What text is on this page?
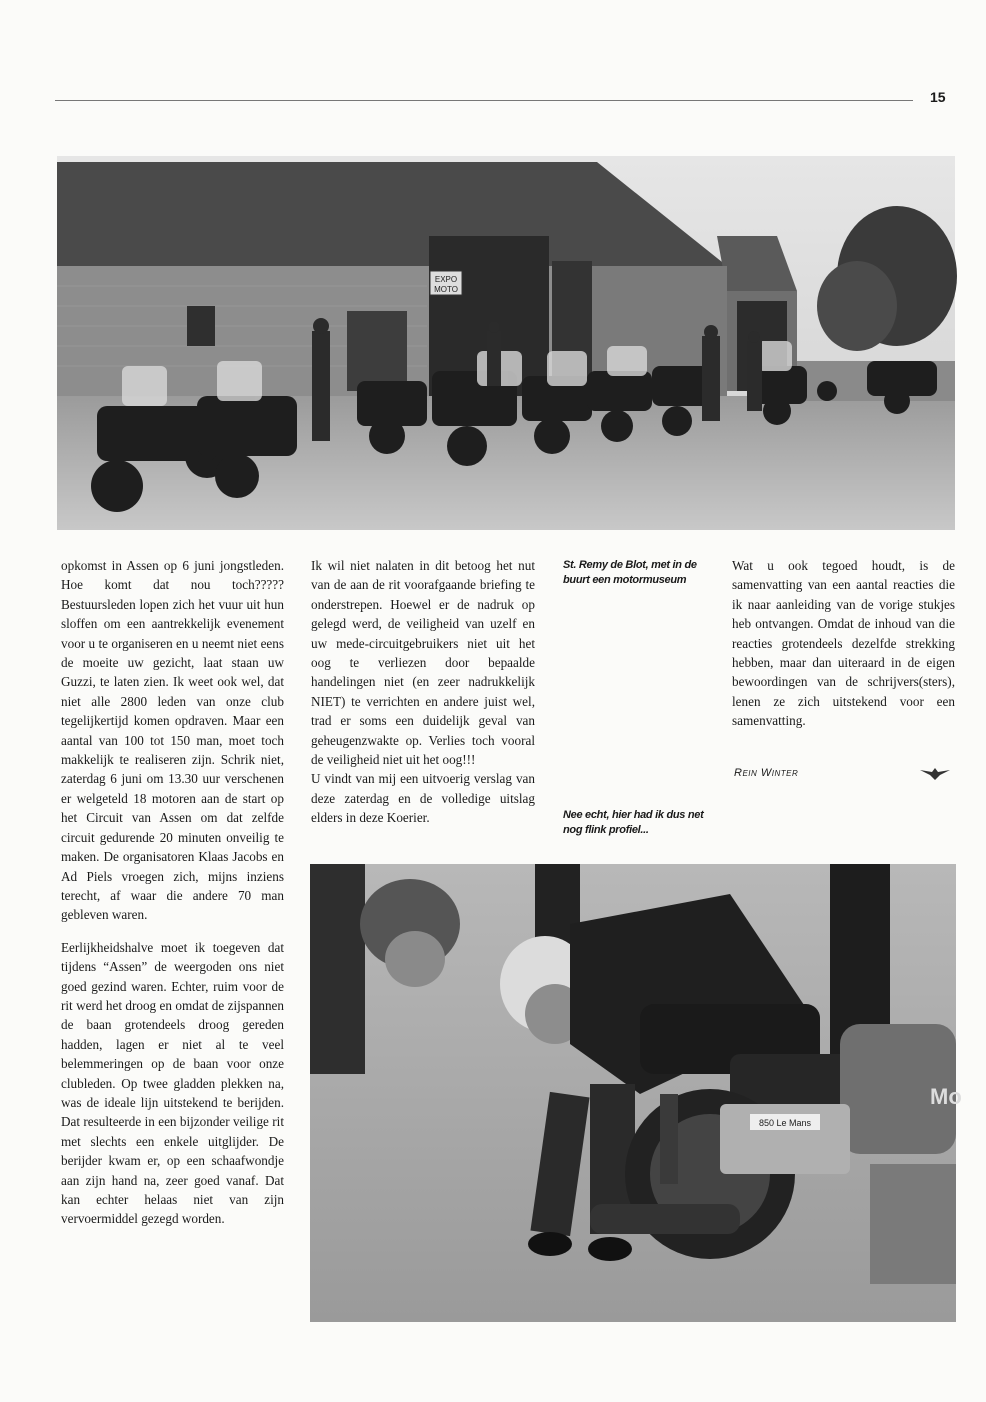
15
EXPO
MOTO

opkomst in Assen op 6 juni jongstleden. Hoe komt dat nou toch????? Bestuursleden lopen zich het vuur uit hun sloffen om een aantrekkelijk evenement voor u te organiseren en u neemt niet eens de moeite uw gezicht, laat staan uw Guzzi, te laten zien. Ik weet ook wel, dat niet alle 2800 leden van onze club tegelijkertijd komen opdraven. Maar een aantal van 100 tot 150 man, moet toch makkelijk te realiseren zijn. Schrik niet, zaterdag 6 juni om 13.30 uur verschenen er welgeteld 18 motoren aan de start op het Circuit van Assen om dat zelfde circuit gedurende 20 minuten onveilig te maken. De organisatoren Klaas Jacobs en Ad Piels vroegen zich, mijns inziens terecht, af waar die andere 70 man gebleven waren.

Eerlijkheidshalve moet ik toegeven dat tijdens “Assen” de weergoden ons niet goed gezind waren. Echter, ruim voor de rit werd het droog en omdat de zijspannen de baan grotendeels droog gereden hadden, lagen er niet al te veel belemmeringen op de baan voor onze clubleden. Op twee gladden plekken na, was de ideale lijn uitstekend te berijden. Dat resulteerde in een bijzonder veilige rit met slechts een enkele uitglijder. De berijder kwam er, op een schaafwondje aan zijn hand na, zeer goed vanaf. Dat kan echter helaas niet van zijn vervoermiddel gezegd worden.

Ik wil niet nalaten in dit betoog het nut van de aan de rit voorafgaande briefing te onderstrepen. Hoewel er de nadruk op gelegd werd, de veiligheid van uzelf en uw mede-circuitgebruikers niet uit het oog te verliezen door bepaalde handelingen niet (en zeer nadrukkelijk NIET) te verrichten en andere juist wel, trad er soms een duidelijk geval van geheugenzwakte op. Verlies toch vooral de veiligheid niet uit het oog!!!

U vindt van mij een uitvoerig verslag van deze zaterdag en de volledige uitslag elders in deze Koerier.

St. Remy de Blot, met in de buurt een motormuseum
Nee echt, hier had ik dus net nog flink profiel...

Wat u ook tegoed houdt, is de samenvatting van een aantal reacties die ik naar aanleiding van de vorige stukjes heb ontvangen. Omdat de inhoud van die reacties grotendeels dezelfde strekking hebben, maar dan uiteraard in de eigen bewoordingen van de schrijvers(sters), lenen ze zich uitstekend voor een samenvatting.

Rein Winter
Mo
850 Le Mans
